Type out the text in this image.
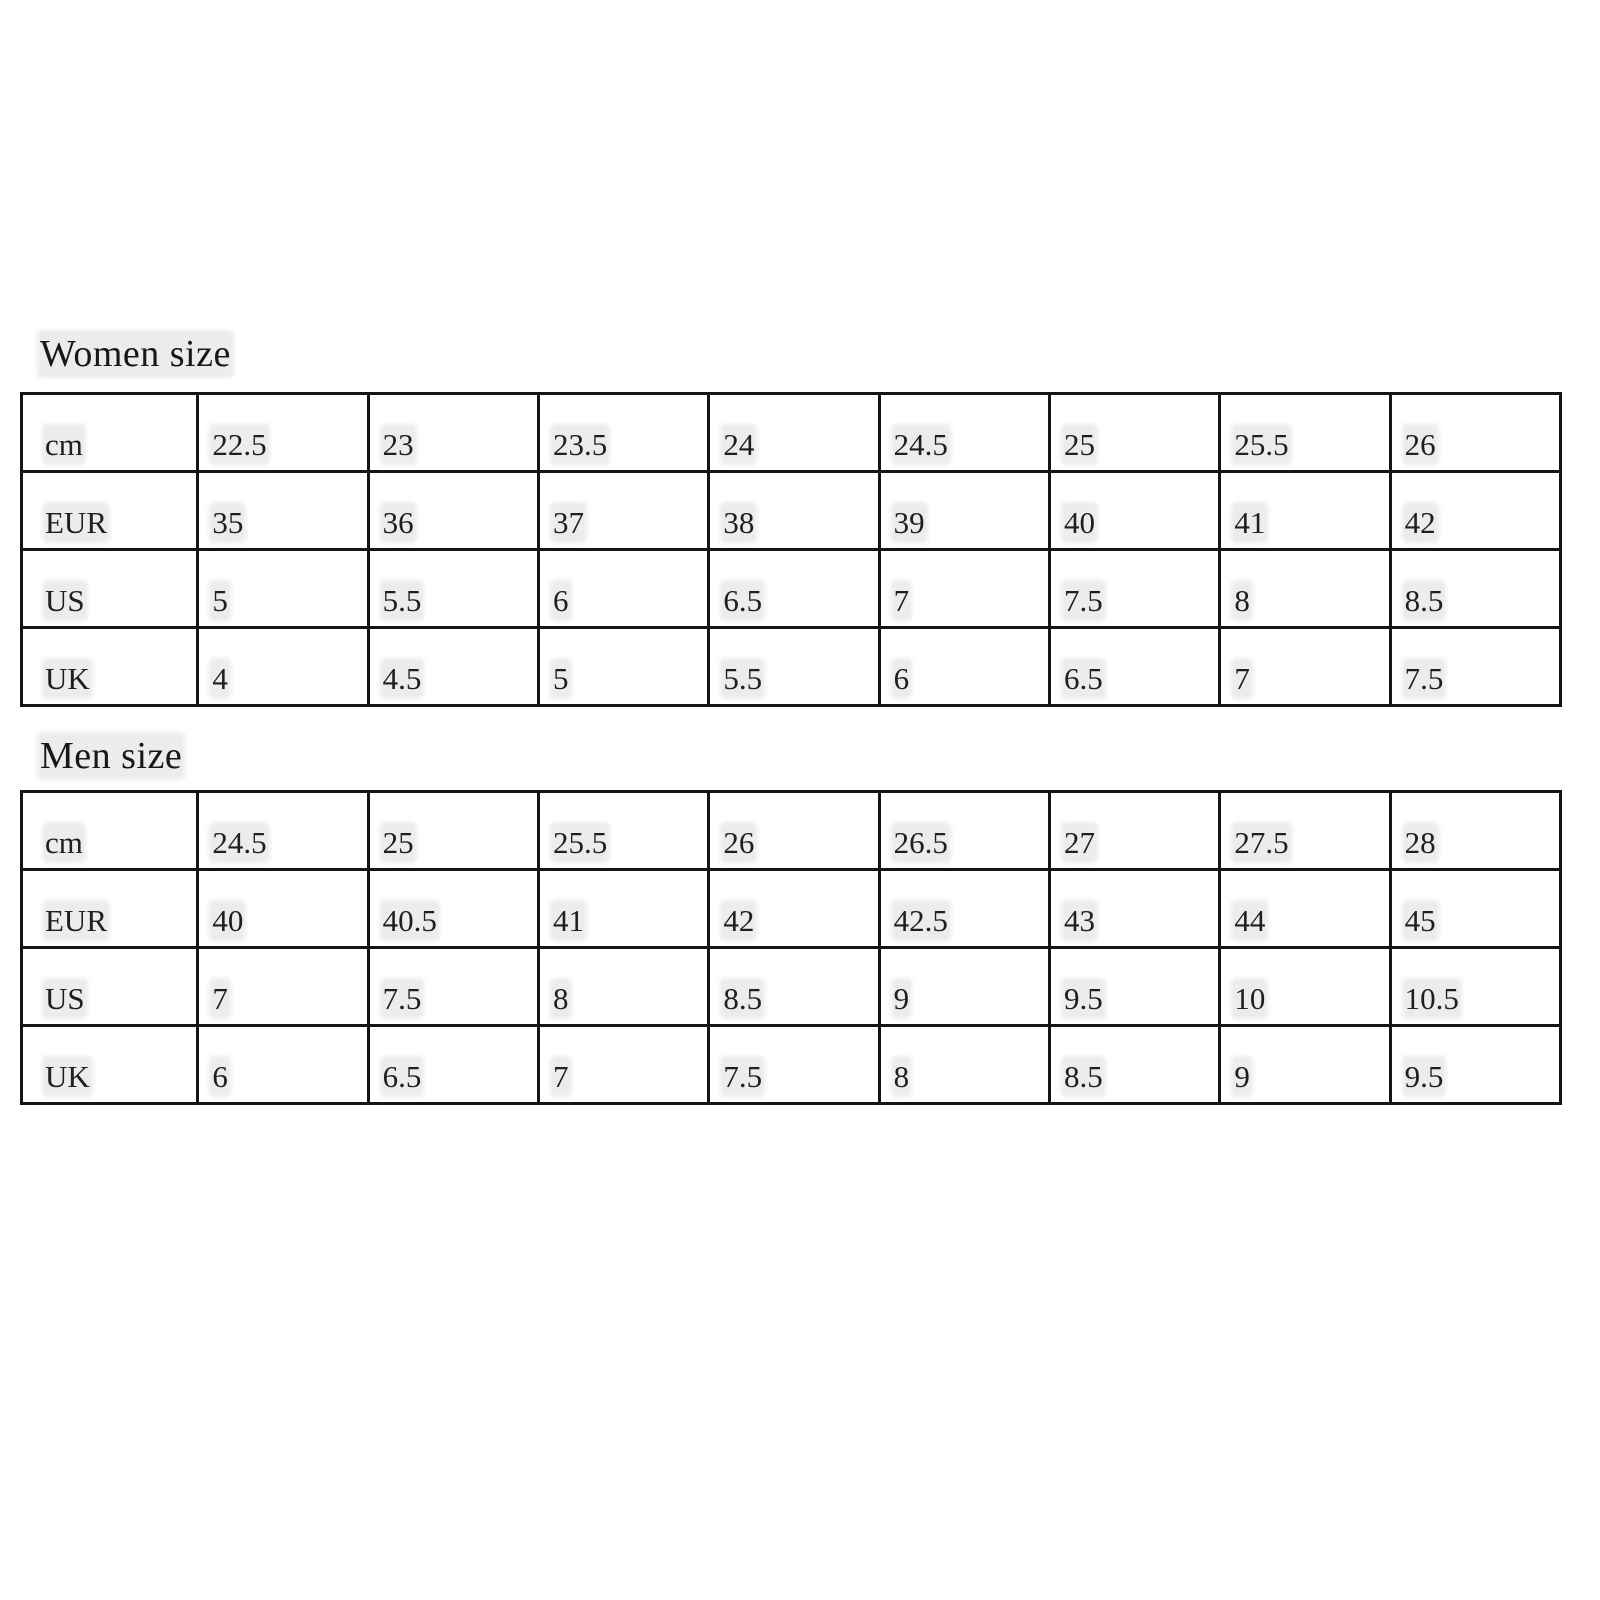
Women size
cm	22.5	23	23.5	24	24.5	25	25.5	26
EUR	35	36	37	38	39	40	41	42
US	5	5.5	6	6.5	7	7.5	8	8.5
UK	4	4.5	5	5.5	6	6.5	7	7.5
Men size
cm	24.5	25	25.5	26	26.5	27	27.5	28
EUR	40	40.5	41	42	42.5	43	44	45
US	7	7.5	8	8.5	9	9.5	10	10.5
UK	6	6.5	7	7.5	8	8.5	9	9.5
